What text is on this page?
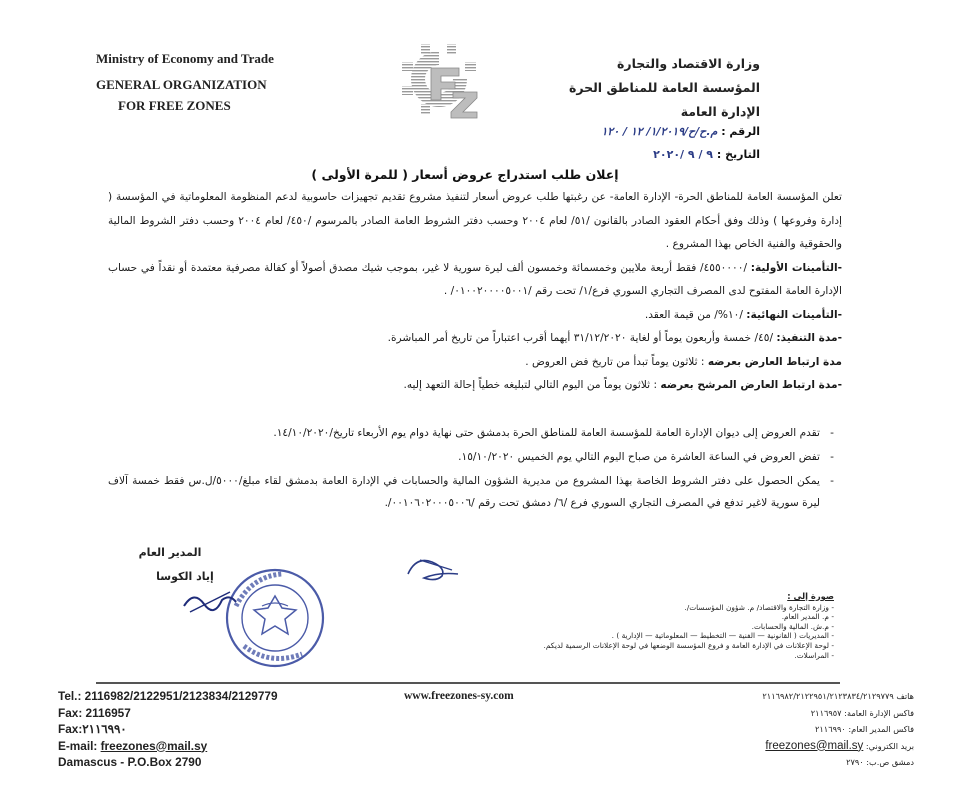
Ministry of Economy and Trade
GENERAL ORGANIZATION
FOR FREE ZONES
وزارة الاقتصاد والتجارة
المؤسسة العامة للمناطق الحرة
الإدارة العامة
الرقم : م.ح/ح/١/٢٠١٩/ ١٢ / ١٢٠
التاريخ : ٩ / ٩ /٢٠٢٠
إعلان طلب استدراج عروض أسعار ( للمرة الأولى )
تعلن المؤسسة العامة للمناطق الحرة- الإدارة العامة- عن رغبتها طلب عروض أسعار لتنفيذ مشروع تقديم تجهيزات حاسوبية لدعم المنظومة المعلوماتية في المؤسسة ( إدارة وفروعها ) وذلك وفق أحكام العقود الصادر بالقانون /٥١/ لعام ٢٠٠٤ وحسب دفتر الشروط العامة الصادر بالمرسوم /٤٥٠/ لعام ٢٠٠٤ وحسب دفتر الشروط المالية والحقوقية والفنية الخاص بهذا المشروع .
-التأمينات الأولية: /٤٥٥٠٠٠٠/ فقط أربعة ملايين وخمسمائة وخمسون ألف ليرة سورية لا غير، بموجب شيك مصدق أصولاً أو كفالة مصرفية معتمدة أو نقداً في حساب الإدارة العامة المفتوح لدى المصرف التجاري السوري فرع/١/ تحت رقم /٠١٠٠٢٠٠٠٠٥٠٠١/ .
-التأمينات النهائية: /١٠%/ من قيمة العقد.
-مدة التنفيذ: /٤٥/ خمسة وأربعون يوماً أو لغاية ٣١/١٢/٢٠٢٠ أيهما أقرب اعتباراً من تاريخ أمر المباشرة.
مدة ارتباط العارض بعرضه : ثلاثون يوماً تبدأ من تاريخ فض العروض .
-مدة ارتباط العارض المرشح بعرضه : ثلاثون يوماً من اليوم التالي لتبليغه خطياً إحالة التعهد إليه.
-
تقدم العروض إلى ديوان الإدارة العامة للمؤسسة العامة للمناطق الحرة بدمشق حتى نهاية دوام يوم الأربعاء تاريخ/١٤/١٠/٢٠٢٠.
-
تفض العروض في الساعة العاشرة من صباح اليوم التالي يوم الخميس ١٥/١٠/٢٠٢٠.
-
يمكن الحصول على دفتر الشروط الخاصة بهذا المشروع من مديرية الشؤون المالية والحسابات في الإدارة العامة بدمشق لقاء مبلغ/٥٠٠٠/ل.س فقط خمسة آلاف ليرة سورية لاغير تدفع في المصرف التجاري السوري فرع /٦/ دمشق تحت رقم /٠٠١٠٦٠٢٠٠٠٥٠٠٦/.
المدير العام
إياد الكوسا
صورة إلى :
- وزارة التجارة والاقتصاد/ م. شؤون المؤسسات/.
- م. المدير العام.
- م.ش. المالية والحسابات.
- المديريات ( القانونية — الفنية — التخطيط — المعلوماتية — الإدارية ) .
- لوحة الإعلانات في الإدارة العامة و فروع المؤسسة الوضعها في لوحة الإعلانات الرسمية لديكم.
- المراسلات.
Tel.: 2116982/2122951/2123834/2129779
Fax: 2116957
Fax:٢١١٦٩٩٠
E-mail: freezones@mail.sy
Damascus - P.O.Box 2790
www.freezones-sy.com	هاتف ٢١١٦٩٨٢/٢١٢٢٩٥١/٢١٢٣٨٣٤/٢١٢٩٧٧٩
فاكس الإدارة العامة: ٢١١٦٩٥٧
فاكس المدير العام: ٢١١٦٩٩٠
بريد الكتروني: freezones@mail.sy
دمشق ص.ب: ٢٧٩٠
